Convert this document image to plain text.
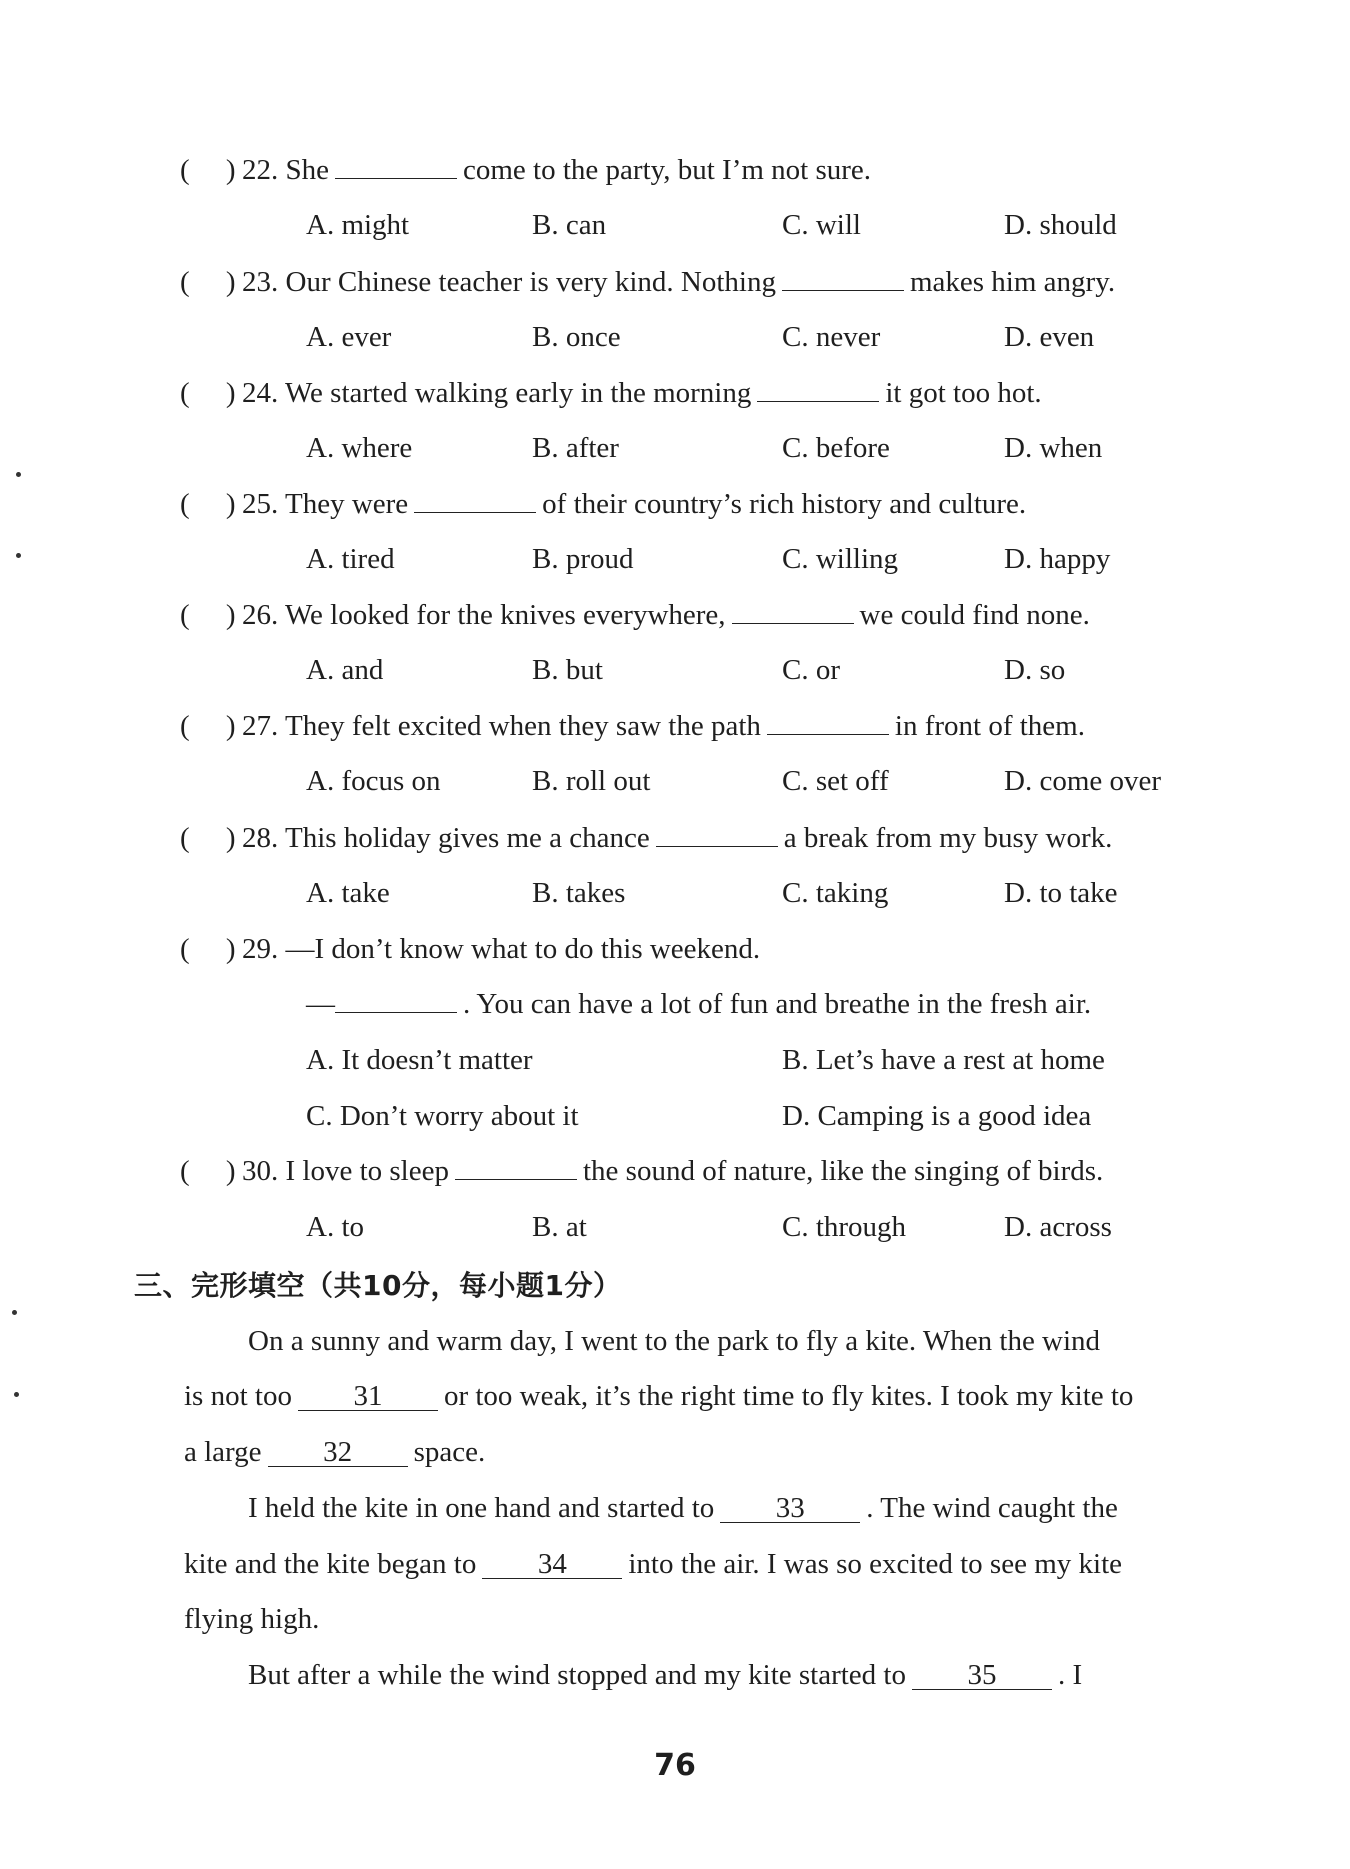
(     ) 22. She	come to the party, but I’m not sure.
A. might	B. can	C. will	D. should
(     ) 23. Our Chinese teacher is very kind. Nothing	makes him angry.
A. ever	B. once	C. never	D. even
(     ) 24. We started walking early in the morning	it got too hot.
A. where	B. after	C. before	D. when
(     ) 25. They were	of their country’s rich history and culture.
A. tired	B. proud	C. willing	D. happy
(     ) 26. We looked for the knives everywhere,	we could find none.
A. and	B. but	C. or	D. so
(     ) 27. They felt excited when they saw the path	in front of them.
A. focus on	B. roll out	C. set off	D. come over
(     ) 28. This holiday gives me a chance	a break from my busy work.
A. take	B. takes	C. taking	D. to take
(     ) 29. —I don’t know what to do this weekend.
—	. You can have a lot of fun and breathe in the fresh air.
A. It doesn’t matter	B. Let’s have a rest at home
C. Don’t worry about it	D. Camping is a good idea
(     ) 30. I love to sleep	the sound of nature, like the singing of birds.
A. to	B. at	C. through	D. across
三、完形填空（共10分，每小题1分）
On a sunny and warm day, I went to the park to fly a kite. When the wind
is not too 31 or too weak, it’s the right time to fly kites. I took my kite to
a large 32 space.
I held the kite in one hand and started to 33 . The wind caught the
kite and the kite began to 34 into the air. I was so excited to see my kite
flying high.
But after a while the wind stopped and my kite started to 35 . I
76
